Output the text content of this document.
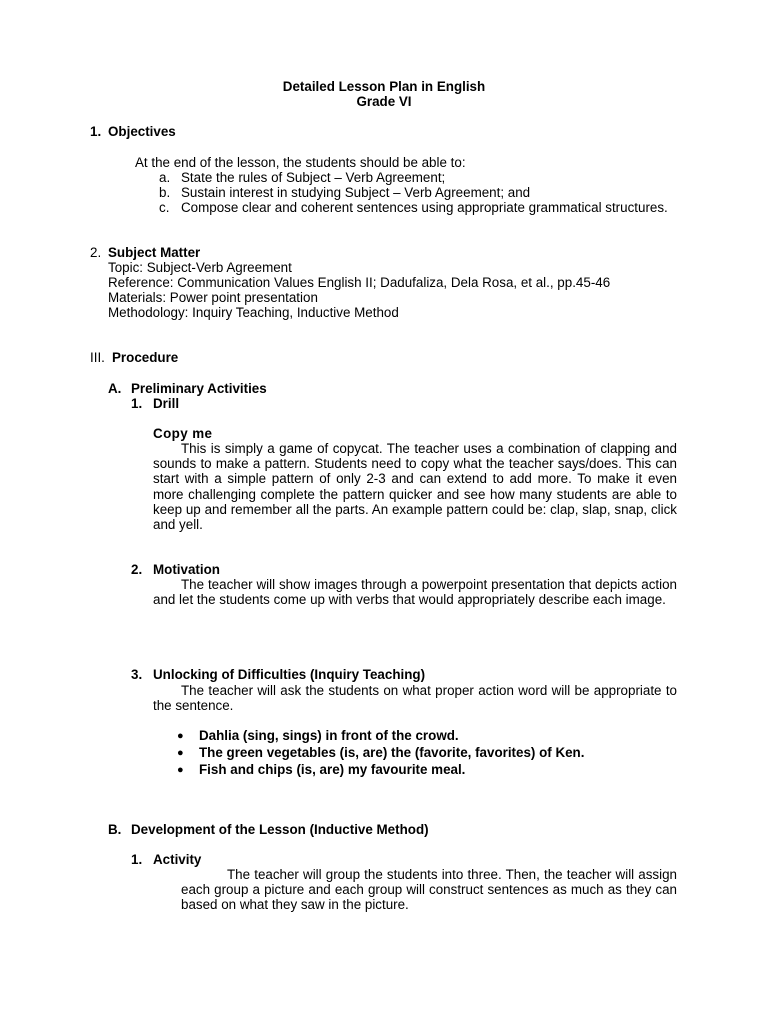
Detailed Lesson Plan in English
Grade VI
1. Objectives
At the end of the lesson, the students should be able to:
a. State the rules of Subject – Verb Agreement;
b. Sustain interest in studying Subject – Verb Agreement; and
c. Compose clear and coherent sentences using appropriate grammatical structures.
2. Subject Matter
Topic: Subject-Verb Agreement
Reference: Communication Values English II; Dadufaliza, Dela Rosa, et al., pp.45-46
Materials: Power point presentation
Methodology: Inquiry Teaching, Inductive Method
III. Procedure
A. Preliminary Activities
1. Drill
Copy me
This is simply a game of copycat. The teacher uses a combination of clapping and sounds to make a pattern. Students need to copy what the teacher says/does. This can start with a simple pattern of only 2-3 and can extend to add more. To make it even more challenging complete the pattern quicker and see how many students are able to keep up and remember all the parts. An example pattern could be: clap, slap, snap, click and yell.
2. Motivation
The teacher will show images through a powerpoint presentation that depicts action and let the students come up with verbs that would appropriately describe each image.
3. Unlocking of Difficulties (Inquiry Teaching)
The teacher will ask the students on what proper action word will be appropriate to the sentence.
● Dahlia (sing, sings) in front of the crowd.
● The green vegetables (is, are) the (favorite, favorites) of Ken.
● Fish and chips (is, are) my favourite meal.
B. Development of the Lesson (Inductive Method)
1. Activity
The teacher will group the students into three. Then, the teacher will assign each group a picture and each group will construct sentences as much as they can based on what they saw in the picture.
